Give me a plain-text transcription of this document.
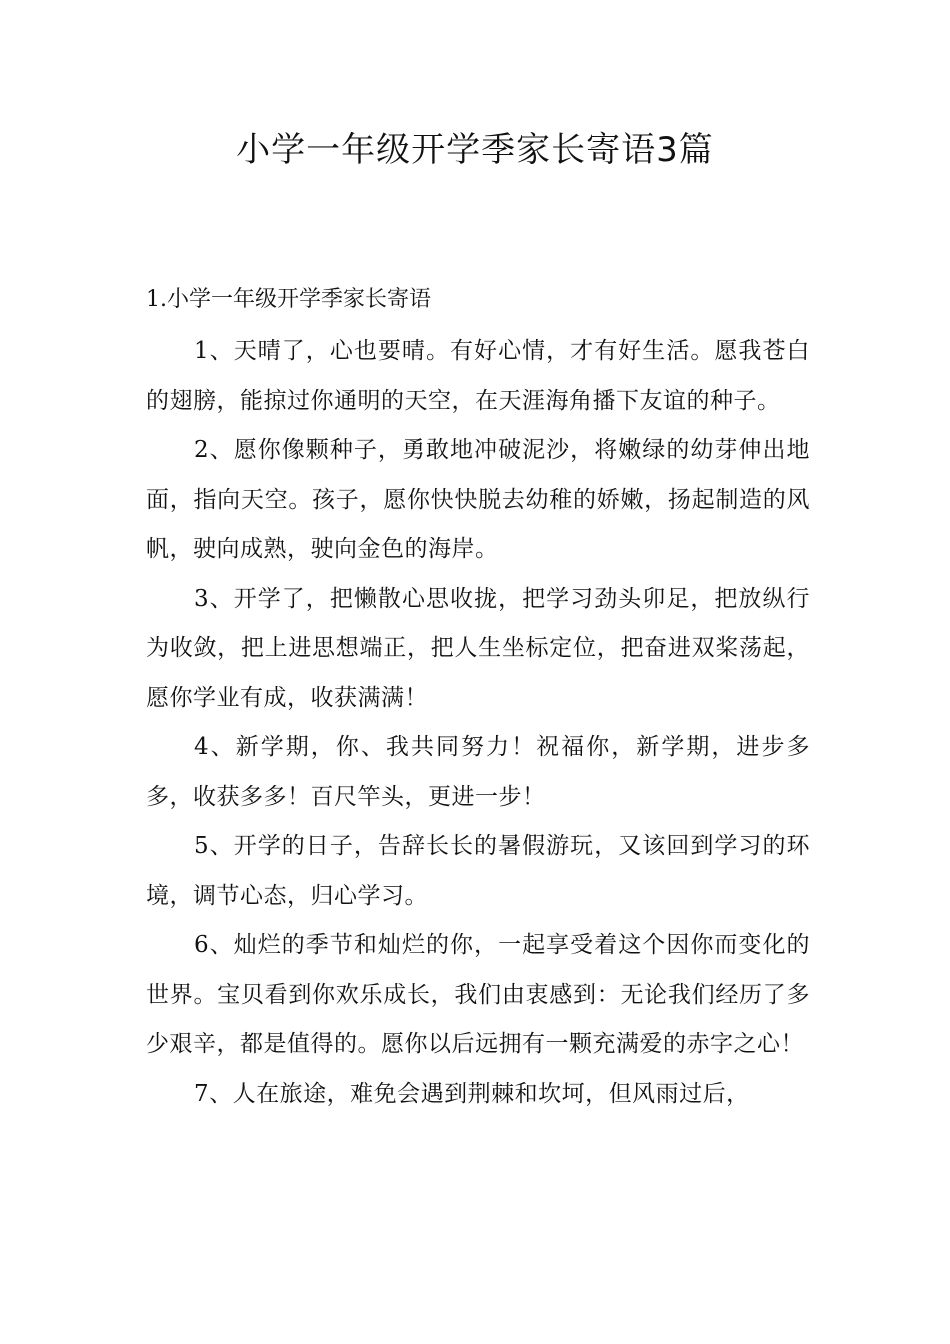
小学一年级开学季家长寄语3篇
1.小学一年级开学季家长寄语

1、天晴了，心也要晴。有好心情，才有好生活。愿我苍白的翅膀，能掠过你通明的天空，在天涯海角播下友谊的种子。

2、愿你像颗种子，勇敢地冲破泥沙，将嫩绿的幼芽伸出地面，指向天空。孩子，愿你快快脱去幼稚的娇嫩，扬起制造的风帆，驶向成熟，驶向金色的海岸。

3、开学了，把懒散心思收拢，把学习劲头卯足，把放纵行为收敛，把上进思想端正，把人生坐标定位，把奋进双桨荡起，愿你学业有成，收获满满！

4、新学期，你、我共同努力！祝福你，新学期，进步多多，收获多多！百尺竿头，更进一步！

5、开学的日子，告辞长长的暑假游玩，又该回到学习的环境，调节心态，归心学习。

6、灿烂的季节和灿烂的你，一起享受着这个因你而变化的世界。宝贝看到你欢乐成长，我们由衷感到：无论我们经历了多少艰辛，都是值得的。愿你以后远拥有一颗充满爱的赤字之心！

7、人在旅途，难免会遇到荆棘和坎坷，但风雨过后，
